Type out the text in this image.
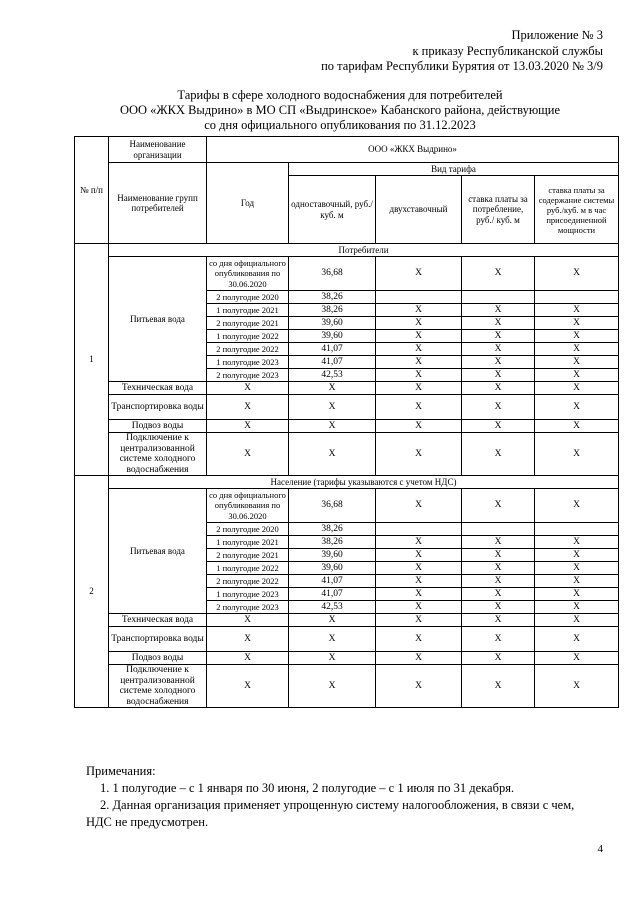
Приложение № 3
к приказу Республиканской службы
по тарифам Республики Бурятия от 13.03.2020 № 3/9
Тарифы в сфере холодного водоснабжения для потребителей
ООО «ЖКХ Выдрино» в МО СП «Выдринское» Кабанского района, действующие
со дня официального опубликования по 31.12.2023
№ п/п	Наименование организации	ООО «ЖКХ Выдрино»				
	Наименование групп потребителей	Год	Вид тарифа			
			одноставочный, руб./ куб. м	двухставочный	ставка платы за потребление, руб./ куб. м	ставка платы за содержание системы руб./куб. м в час присоединенной мощности
1	Потребители					
	Питьевая вода	со дня официального опубликования по 30.06.2020	36,68	Х	Х	Х
		2 полугодие 2020	38,26			
		1 полугодие 2021	38,26	Х	Х	Х
		2 полугодие 2021	39,60	Х	Х	Х
		1 полугодие 2022	39,60	Х	Х	Х
		2 полугодие 2022	41,07	Х	Х	Х
		1 полугодие 2023	41,07	Х	Х	Х
		2 полугодие 2023	42,53	Х	Х	Х
	Техническая вода	Х	Х	Х	Х	Х
	Транспортировка воды	Х	Х	Х	Х	Х
	Подвоз воды	Х	Х	Х	Х	Х
	Подключение к централизованной системе холодного водоснабжения	Х	Х	Х	Х	Х
2	Население (тарифы указываются с учетом НДС)					
	Питьевая вода	со дня официального опубликования по 30.06.2020	36,68	Х	Х	Х
		2 полугодие 2020	38,26			
		1 полугодие 2021	38,26	Х	Х	Х
		2 полугодие 2021	39,60	Х	Х	Х
		1 полугодие 2022	39,60	Х	Х	Х
		2 полугодие 2022	41,07	Х	Х	Х
		1 полугодие 2023	41,07	Х	Х	Х
		2 полугодие 2023	42,53	Х	Х	Х
	Техническая вода	Х	Х	Х	Х	Х
	Транспортировка воды	Х	Х	Х	Х	Х
	Подвоз воды	Х	Х	Х	Х	Х
	Подключение к централизованной системе холодного водоснабжения	Х	Х	Х	Х	Х
Примечания:
1. 1 полугодие – с 1 января по 30 июня, 2 полугодие – с 1 июля по 31 декабря.
2. Данная организация применяет упрощенную систему налогообложения, в связи с чем,
НДС не предусмотрен.
4
